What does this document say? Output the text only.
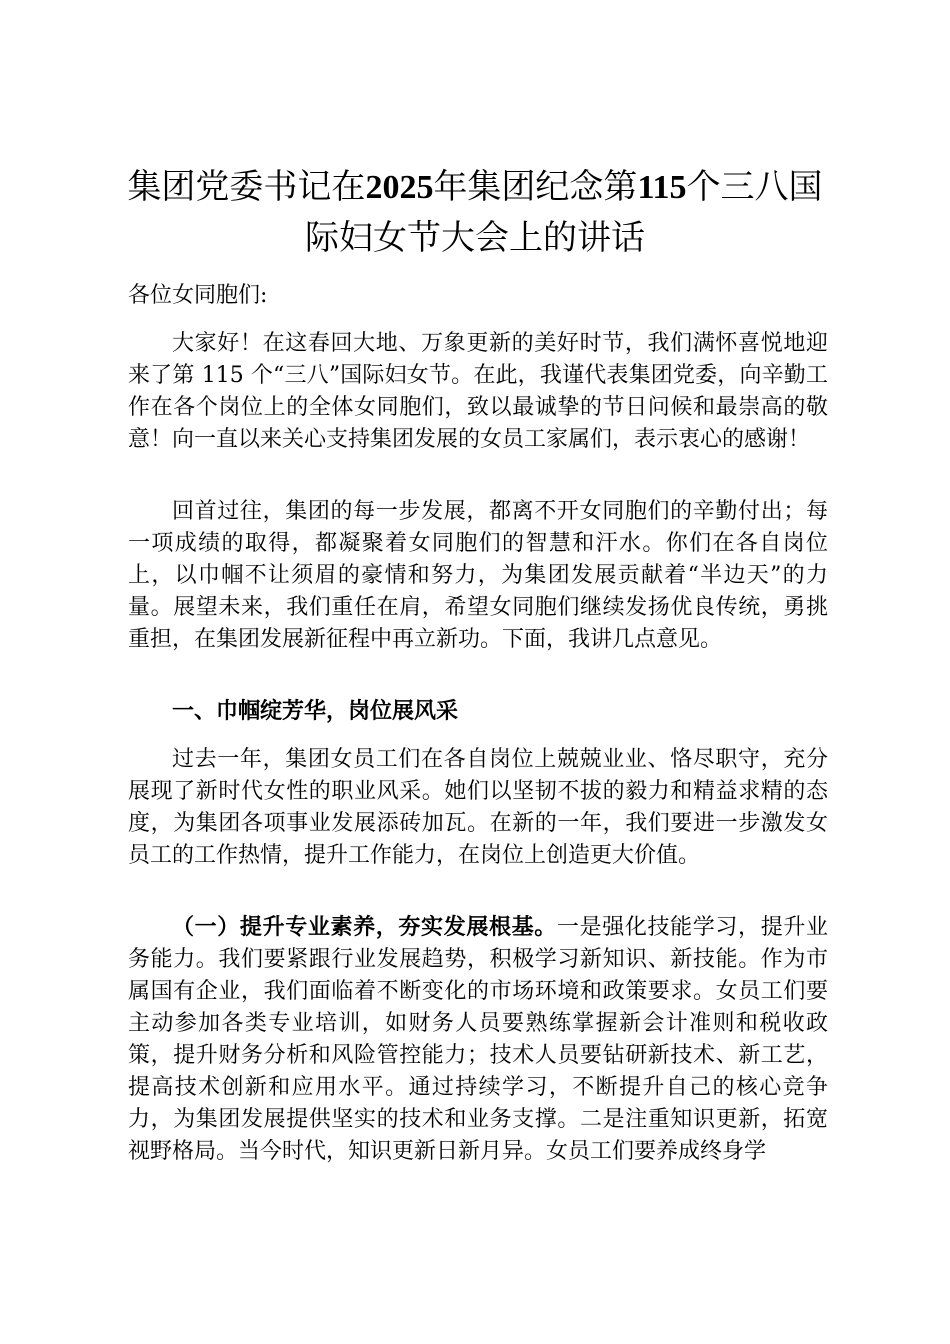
集团党委书记在2025年集团纪念第115个三八国际妇女节大会上的讲话

各位女同胞们:

大家好！在这春回大地、万象更新的美好时节，我们满怀喜悦地迎来了第 115 个“三八”国际妇女节。在此，我谨代表集团党委，向辛勤工作在各个岗位上的全体女同胞们，致以最诚挚的节日问候和最崇高的敬意！向一直以来关心支持集团发展的女员工家属们，表示衷心的感谢！

回首过往，集团的每一步发展，都离不开女同胞们的辛勤付出；每一项成绩的取得，都凝聚着女同胞们的智慧和汗水。你们在各自岗位上，以巾帼不让须眉的豪情和努力，为集团发展贡献着“半边天”的力量。展望未来，我们重任在肩，希望女同胞们继续发扬优良传统，勇挑重担，在集团发展新征程中再立新功。下面，我讲几点意见。

一、巾帼绽芳华，岗位展风采

过去一年，集团女员工们在各自岗位上兢兢业业、恪尽职守，充分展现了新时代女性的职业风采。她们以坚韧不拔的毅力和精益求精的态度，为集团各项事业发展添砖加瓦。在新的一年，我们要进一步激发女员工的工作热情，提升工作能力，在岗位上创造更大价值。

（一）提升专业素养，夯实发展根基。一是强化技能学习，提升业务能力。我们要紧跟行业发展趋势，积极学习新知识、新技能。作为市属国有企业，我们面临着不断变化的市场环境和政策要求。女员工们要主动参加各类专业培训，如财务人员要熟练掌握新会计准则和税收政策，提升财务分析和风险管控能力；技术人员要钻研新技术、新工艺，提高技术创新和应用水平。通过持续学习，不断提升自己的核心竞争力，为集团发展提供坚实的技术和业务支撑。二是注重知识更新，拓宽视野格局。当今时代，知识更新日新月异。女员工们要养成终身学
